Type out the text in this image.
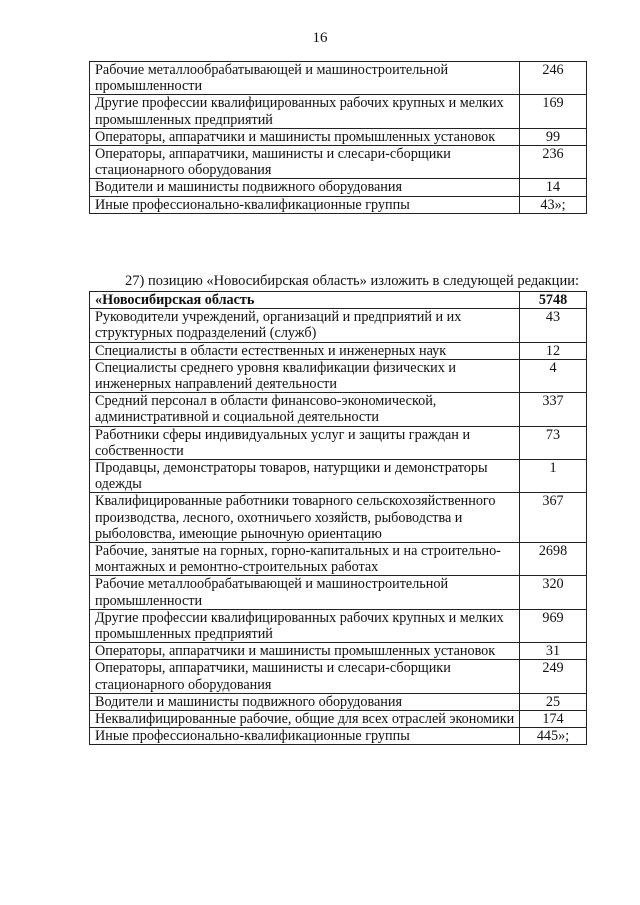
16
Рабочие металлообрабатывающей и машиностроительной промышленности	246
Другие профессии квалифицированных рабочих крупных и мелких промышленных предприятий	169
Операторы, аппаратчики и машинисты промышленных установок	99
Операторы, аппаратчики, машинисты и слесари-сборщики стационарного оборудования	236
Водители и машинисты подвижного оборудования	14
Иные профессионально-квалификационные группы	43»;

27) позицию «Новосибирская область» изложить в следующей редакции:

«Новосибирская область	5748
Руководители учреждений, организаций и предприятий и их структурных подразделений (служб)	43
Специалисты в области естественных и инженерных наук	12
Специалисты среднего уровня квалификации физических и инженерных направлений деятельности	4
Средний персонал в области финансово-экономической, административной и социальной деятельности	337
Работники сферы индивидуальных услуг и защиты граждан и собственности	73
Продавцы, демонстраторы товаров, натурщики и демонстраторы одежды	1
Квалифицированные работники товарного сельскохозяйственного производства, лесного, охотничьего хозяйств, рыбоводства и рыболовства, имеющие рыночную ориентацию	367
Рабочие, занятые на горных, горно-капитальных и на строительно-монтажных и ремонтно-строительных работах	2698
Рабочие металлообрабатывающей и машиностроительной промышленности	320
Другие профессии квалифицированных рабочих крупных и мелких промышленных предприятий	969
Операторы, аппаратчики и машинисты промышленных установок	31
Операторы, аппаратчики, машинисты и слесари-сборщики стационарного оборудования	249
Водители и машинисты подвижного оборудования	25
Неквалифицированные рабочие, общие для всех отраслей экономики	174
Иные профессионально-квалификационные группы	445»;
